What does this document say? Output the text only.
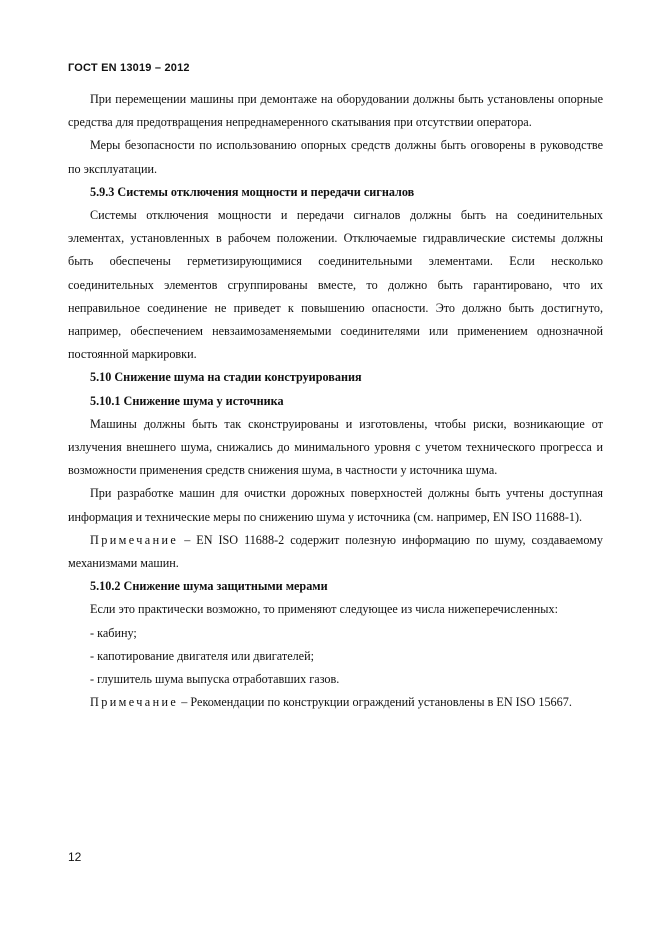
ГОСТ EN 13019 – 2012

При перемещении машины при демонтаже на оборудовании должны быть установлены опорные средства для предотвращения непреднамеренного скатывания при отсутствии оператора.

Меры безопасности по использованию опорных средств должны быть оговорены в руководстве по эксплуатации.

5.9.3 Системы отключения мощности и передачи сигналов

Системы отключения мощности и передачи сигналов должны быть на соединительных элементах, установленных в рабочем положении. Отключаемые гидравлические системы должны быть обеспечены герметизирующимися соединительными элементами. Если несколько соединительных элементов сгруппированы вместе, то должно быть гарантировано, что их неправильное соединение не приведет к повышению опасности. Это должно быть достигнуто, например, обеспечением невзаимозаменяемыми соединителями или применением однозначной постоянной маркировки.

5.10 Снижение шума на стадии конструирования

5.10.1 Снижение шума у источника

Машины должны быть так сконструированы и изготовлены, чтобы риски, возникающие от излучения внешнего шума, снижались до минимального уровня с учетом технического прогресса и возможности применения средств снижения шума, в частности у источника шума.

При разработке машин для очистки дорожных поверхностей должны быть учтены доступная информация и технические меры по снижению шума у источника (см. например, EN ISO 11688-1).

Примечание – EN ISO 11688-2 содержит полезную информацию по шуму, создаваемому механизмами машин.

5.10.2 Снижение шума защитными мерами

Если это практически возможно, то применяют следующее из числа нижеперечисленных:

- кабину;

- капотирование двигателя или двигателей;

- глушитель шума выпуска отработавших газов.

Примечание – Рекомендации по конструкции ограждений установлены в EN ISO 15667.

12
